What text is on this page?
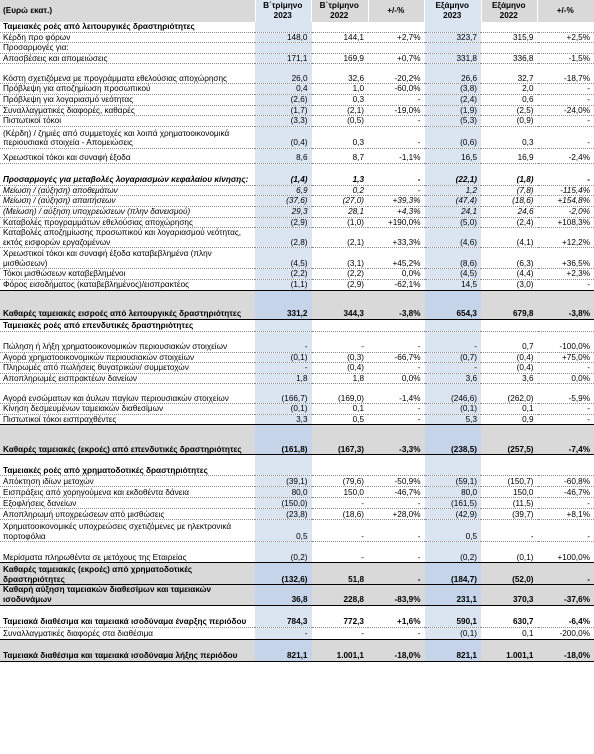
(Ευρώ εκατ.)	Β΄τρίμηνο 2023	Β΄τρίμηνο 2022	+/-%	Εξάμηνο 2023	Εξάμηνο 2022	+/-%
Ταμειακές ροές από λειτουργικές δραστηριότητες						
Κέρδη προ φόρων	148,0	144,1	+2,7%	323,7	315,9	+2,5%
Προσαρμογές για:						
Αποσβέσεις και απομειώσεις	171,1	169,9	+0,7%	331,8	336,8	-1,5%
Κόστη σχετιζόμενα με προγράμματα εθελούσιας αποχώρησης	26,0	32,6	-20,2%	26,6	32,7	-18,7%
Πρόβλεψη για αποζημίωση προσωπικού	0,4	1,0	-60,0%	(3,8)	2,0	-
Πρόβλεψη για λογαριασμό νεότητας	(2,6)	0,3	-	(2,4)	0,6	-
Συναλλαγματικές διαφορές, καθαρές	(1,7)	(2,1)	-19,0%	(1,9)	(2,5)	-24,0%
Πιστωτικοί τόκοι	(3,3)	(0,5)	-	(5,3)	(0,9)	-
(Κέρδη) / ζημιές από συμμετοχές και λοιπά χρηματοοικονομικά περιουσιακά στοιχεία - Απομειώσεις	(0,4)	0,3	-	(0,6)	0,3	-
Χρεωστικοί τόκοι και συναφή έξοδα	8,6	8,7	-1,1%	16,5	16,9	-2,4%
Προσαρμογές για μεταβολές λογαριασμών κεφαλαίου κίνησης:	(1,4)	1,3	-	(22,1)	(1,8)	-
Μείωση / (αύξηση) αποθεμάτων	6,9	0,2	-	1,2	(7,8)	-115,4%
Μείωση / (αύξηση) απαιτήσεων	(37,6)	(27,0)	+39,3%	(47,4)	(18,6)	+154,8%
(Μείωση) / αύξηση υποχρεώσεων (πλην δανεισμού)	29,3	28,1	+4,3%	24,1	24,6	-2,0%
Καταβολές προγραμμάτων εθελούσιας αποχώρησης	(2,9)	(1,0)	+190,0%	(5,0)	(2,4)	+108,3%
Καταβολές αποζημίωσης προσωπικού και λογαριασμού νεότητας, εκτός εισφορών εργαζομένων	(2,8)	(2,1)	+33,3%	(4,6)	(4,1)	+12,2%
Χρεωστικοί τόκοι και συναφή έξοδα καταβεβλημένα (πλην μισθώσεων)	(4,5)	(3,1)	+45,2%	(8,6)	(6,3)	+36,5%
Τόκοι μισθώσεων καταβεβλημένοι	(2,2)	(2,2)	0,0%	(4,5)	(4,4)	+2,3%
Φόρος εισοδήματος (καταβεβλημένος)/εισπρακτέος	(1,1)	(2,9)	-62,1%	14,5	(3,0)	-
Καθαρές ταμειακές εισροές από λειτουργικές δραστηριότητες	331,2	344,3	-3,8%	654,3	679,8	-3,8%
Ταμειακές ροές από επενδυτικές δραστηριότητες						
Πώληση ή λήξη χρηματοοικονομικών περιουσιακών στοιχείων	-	-	-	-	0,7	-100,0%
Αγορά χρηματοοικονομικών περιουσιακών στοιχείων	(0,1)	(0,3)	-66,7%	(0,7)	(0,4)	+75,0%
Πληρωμές από πωλήσεις θυγατρικών/ συμμετοχών	-	(0,4)	-	-	(0,4)	-
Αποπληρωμές εισπρακτέων δανείων	1,8	1,8	0,0%	3,6	3,6	0,0%
Αγορά ενσώματων και άυλων παγίων περιουσιακών στοιχείων	(166,7)	(169,0)	-1,4%	(246,6)	(262,0)	-5,9%
Κίνηση δεσμευμένων ταμειακών διαθεσίμων	(0,1)	0,1	-	(0,1)	0,1	-
Πιστωτικοί τόκοι εισπραχθέντες	3,3	0,5	-	5,3	0,9	-
Καθαρές ταμειακές (εκροές) από επενδυτικές δραστηριότητες	(161,8)	(167,3)	-3,3%	(238,5)	(257,5)	-7,4%
Ταμειακές ροές από χρηματοδοτικές δραστηριότητες						
Απόκτηση ιδίων μετοχών	(39,1)	(79,6)	-50,9%	(59,1)	(150,7)	-60,8%
Εισπράξεις από χορηγούμενα και εκδοθέντα δάνεια	80,0	150,0	-46,7%	80,0	150,0	-46,7%
Εξοφλήσεις δανείων	(150,0)	-	-	(161,5)	(11,5)	-
Αποπληρωμή υποχρεώσεων από μισθώσεις	(23,8)	(18,6)	+28,0%	(42,9)	(39,7)	+8,1%
Χρηματοοικονομικές υποχρεώσεις σχετιζόμενες με ηλεκτρονικά πορτοφόλια	0,5	-	-	0,5	-	-
Μερίσματα πληρωθέντα σε μετόχους της Εταιρείας	(0,2)	-	-	(0,2)	(0,1)	+100,0%
Καθαρές ταμειακές (εκροές) από χρηματοδοτικές δραστηριότητες	(132,6)	51,8	-	(184,7)	(52,0)	-
Καθαρή αύξηση ταμειακών διαθεσίμων και ταμειακών ισοδυνάμων	36,8	228,8	-83,9%	231,1	370,3	-37,6%
Ταμειακά διαθέσιμα και ταμειακά ισοδύναμα έναρξης περιόδου	784,3	772,3	+1,6%	590,1	630,7	-6,4%
Συναλλαγματικές διαφορές στα διαθέσιμα	-	-	-	(0,1)	0,1	-200,0%
Ταμειακά διαθέσιμα και ταμειακά ισοδύναμα λήξης περιόδου	821,1	1.001,1	-18,0%	821,1	1.001,1	-18,0%
